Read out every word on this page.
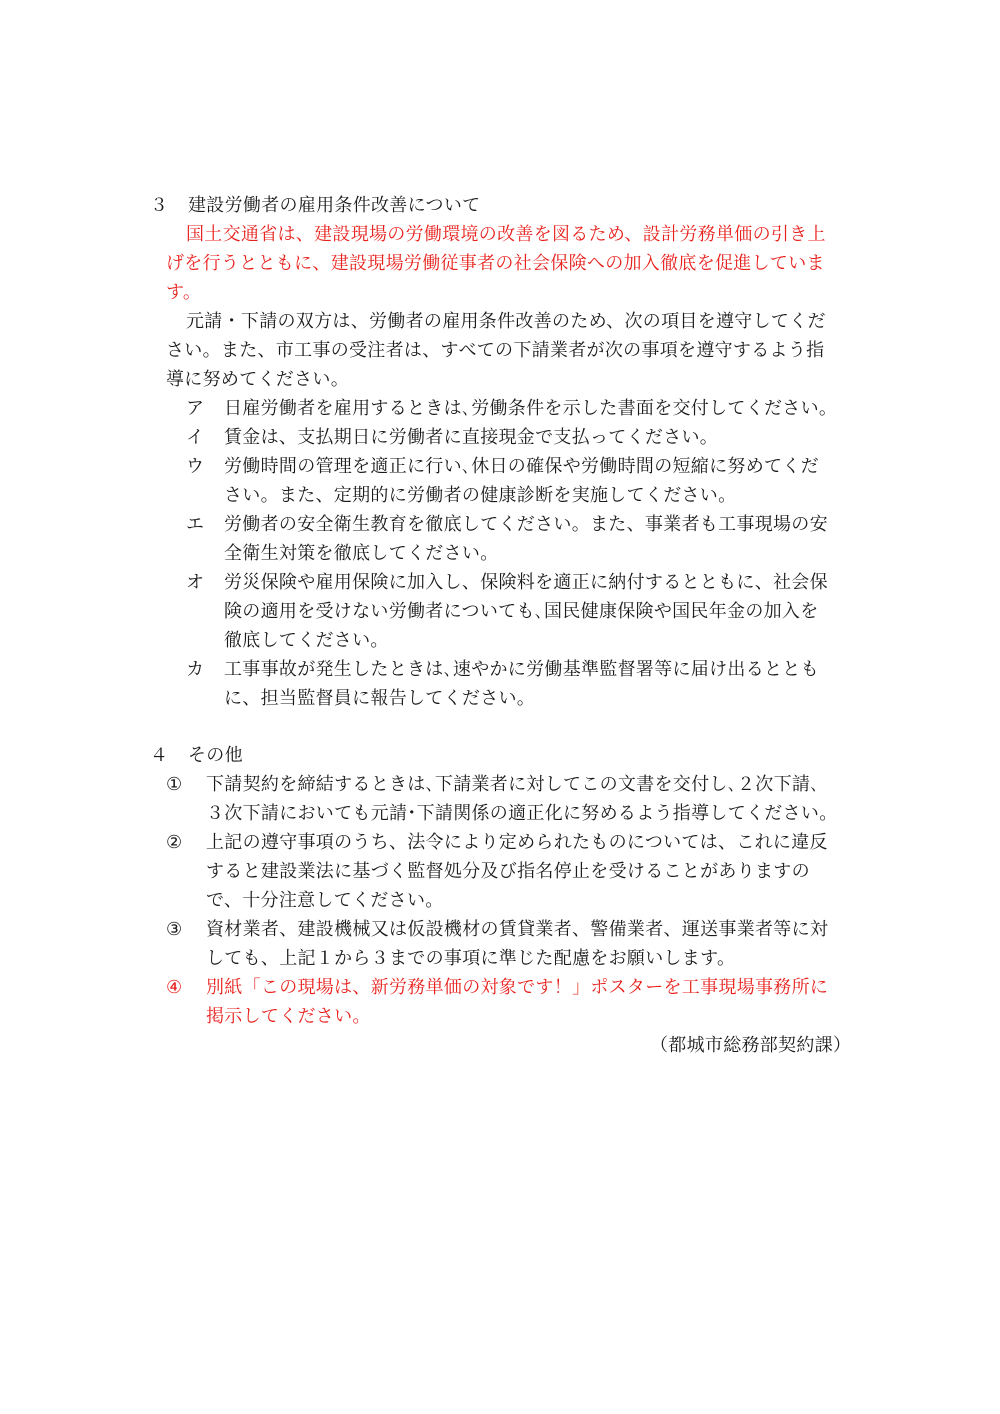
３ 建設労働者の雇用条件改善について
国土交通省は、建設現場の労働環境の改善を図るため、設計労務単価の引き上
げを行うとともに、建設現場労働従事者の社会保険への加入徹底を促進していま
す。
元請・下請の双方は、労働者の雇用条件改善のため、次の項目を遵守してくだ
さい。また、市工事の受注者は、すべての下請業者が次の事項を遵守するよう指
導に努めてください。
ア 日雇労働者を雇用するときは､労働条件を示した書面を交付してください｡
イ 賃金は、支払期日に労働者に直接現金で支払ってください。
ウ 労働時間の管理を適正に行い､休日の確保や労働時間の短縮に努めてくだ
さい。また、定期的に労働者の健康診断を実施してください。
エ 労働者の安全衛生教育を徹底してください。また、事業者も工事現場の安
全衛生対策を徹底してください。
オ 労災保険や雇用保険に加入し、保険料を適正に納付するとともに、社会保
険の適用を受けない労働者についても､国民健康保険や国民年金の加入を
徹底してください。
カ 工事事故が発生したときは､速やかに労働基準監督署等に届け出るととも
に、担当監督員に報告してください。
４ その他
① 下請契約を締結するときは､下請業者に対してこの文書を交付し､２次下請､
３次下請においても元請･下請関係の適正化に努めるよう指導してください｡
② 上記の遵守事項のうち、法令により定められたものについては、これに違反
すると建設業法に基づく監督処分及び指名停止を受けることがありますの
で、十分注意してください。
③ 資材業者、建設機械又は仮設機材の賃貸業者、警備業者、運送事業者等に対
しても、上記１から３までの事項に準じた配慮をお願いします。
④ 別紙「この現場は、新労務単価の対象です！」ポスターを工事現場事務所に
掲示してください。
（都城市総務部契約課）
